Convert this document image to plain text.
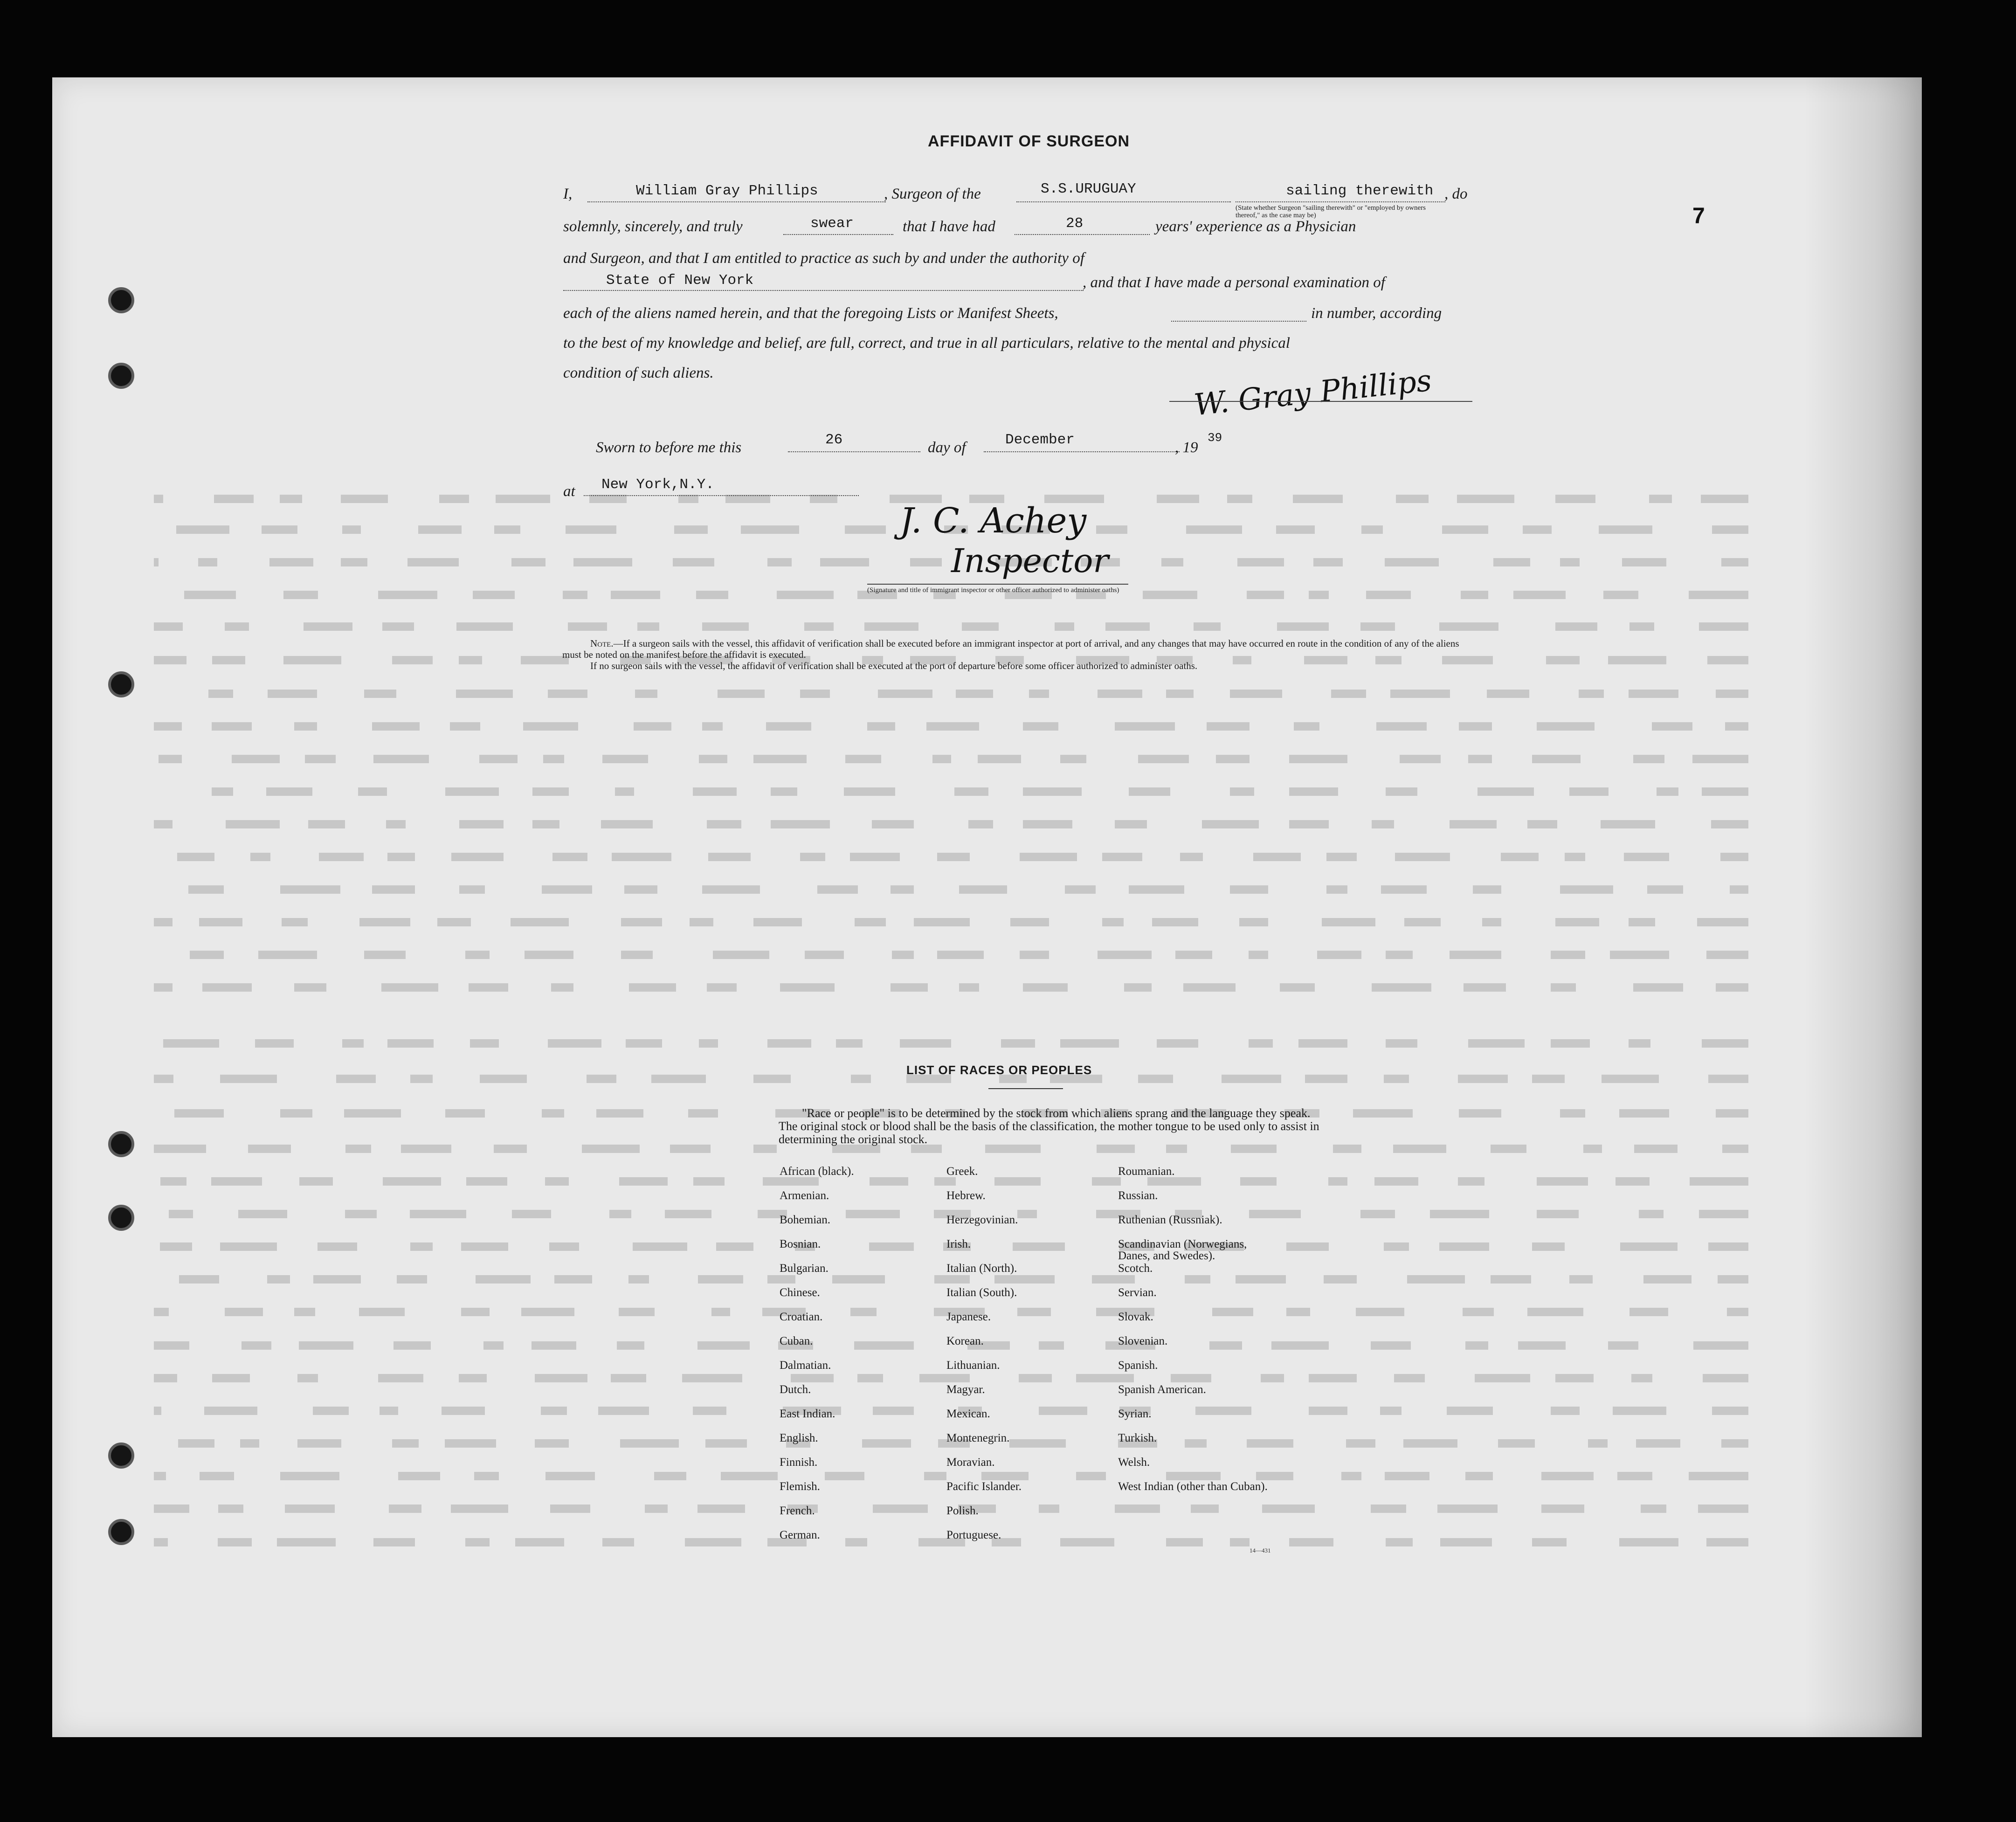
AFFIDAVIT OF SURGEON
7
I,	William Gray Phillips	, Surgeon of the	S.S.URUGUAY	sailing therewith , do
(State whether Surgeon "sailing therewith" or "employed by owners thereof," as the case may be)
solemnly, sincerely, and truly	swear	that I have had	28	years' experience as a Physician
and Surgeon, and that I am entitled to practice as such by and under the authority of
State of New York	, and that I have made a personal examination of
each of the aliens named herein, and that the foregoing Lists or Manifest Sheets,	in number, according
to the best of my knowledge and belief, are full, correct, and true in all particulars, relative to the mental and physical
condition of such aliens.	W. Gray Phillips
Sworn to before me this	26	day of	December	, 19
39
at New York,N.Y.
J. C. Achey
Inspector
(Signature and title of immigrant inspector or other officer authorized to administer oaths)
Note.—If a surgeon sails with the vessel, this affidavit of verification shall be executed before an immigrant inspector at port of arrival, and any changes that may have occurred en route in the condition of any of the aliens must be noted on the manifest before the affidavit is executed.
If no surgeon sails with the vessel, the affidavit of verification shall be executed at the port of departure before some officer authorized to administer oaths.
LIST OF RACES OR PEOPLES
"Race or people" is to be determined by the stock from which aliens sprang and the language they speak. The original stock or blood shall be the basis of the classification, the mother tongue to be used only to assist in determining the original stock.
African (black).
Armenian.
Bohemian.
Bosnian.
Bulgarian.
Chinese.
Croatian.
Cuban.
Dalmatian.
Dutch.
East Indian.
English.
Finnish.
Flemish.
French.
German.
Greek.
Hebrew.
Herzegovinian.
Irish.
Italian (North).
Italian (South).
Japanese.
Korean.
Lithuanian.
Magyar.
Mexican.
Montenegrin.
Moravian.
Pacific Islander.
Polish.
Portuguese.
Roumanian.
Russian.
Ruthenian (Russniak).
Scandinavian (Norwegians, Danes, and Swedes).
Scotch.
Servian.
Slovak.
Slovenian.
Spanish.
Spanish American.
Syrian.
Turkish.
Welsh.
West Indian (other than Cuban).
14—431
